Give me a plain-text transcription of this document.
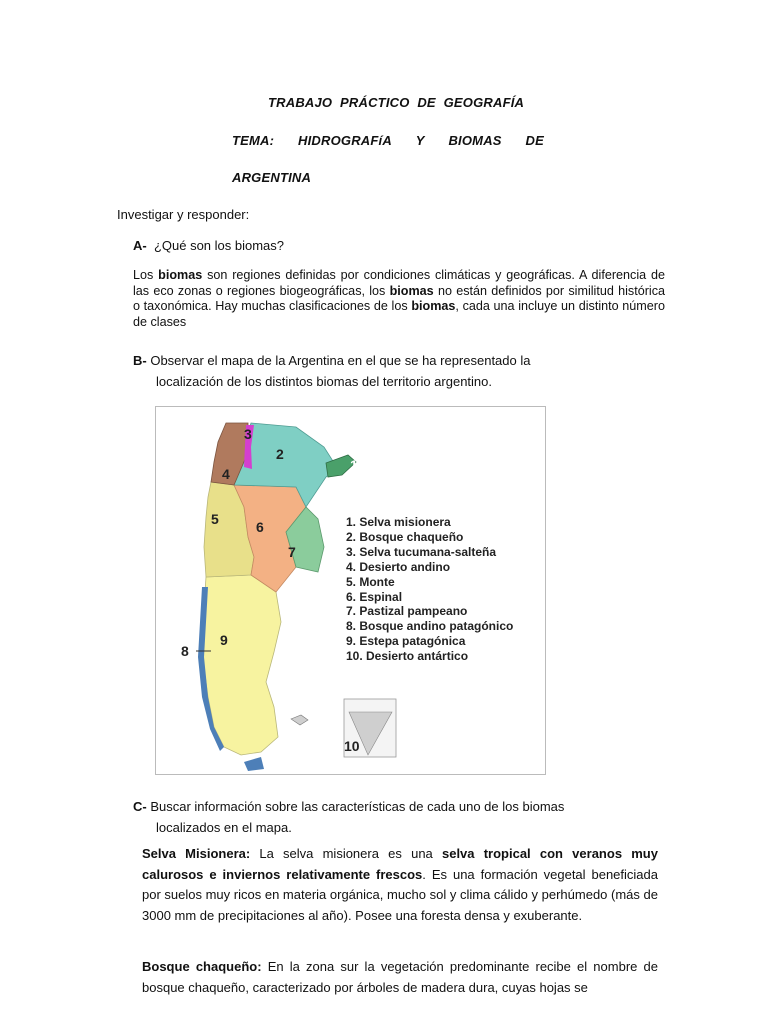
TRABAJO PRÁCTICO DE GEOGRAFÍA
TEMA: HIDROGRAFíA Y BIOMAS DE
ARGENTINA
Investigar y responder:
A- ¿Qué son los biomas?
Los biomas son regiones definidas por condiciones climáticas y geográficas. A diferencia de las eco zonas o regiones biogeográficas, los biomas no están definidos por similitud histórica o taxonómica. Hay muchas clasificaciones de los biomas, cada una incluye un distinto número de clases
B- Observar el mapa de la Argentina en el que se ha representado la
localización de los distintos biomas del territorio argentino.
3
2
4
1
5	6
7
9
8
10
1. Selva misionera
2. Bosque chaqueño
3. Selva tucumana-salteña
4. Desierto andino
5. Monte
6. Espinal
7. Pastizal pampeano
8. Bosque andino patagónico
9. Estepa patagónica
10. Desierto antártico
C- Buscar información sobre las características de cada uno de los biomas
localizados en el mapa.
Selva Misionera: La selva misionera es una selva tropical con veranos muy calurosos e inviernos relativamente frescos. Es una formación vegetal beneficiada por suelos muy ricos en materia orgánica, mucho sol y clima cálido y perhúmedo (más de 3000 mm de precipitaciones al año). Posee una foresta densa y exuberante.
Bosque chaqueño: En la zona sur la vegetación predominante recibe el nombre de bosque chaqueño, caracterizado por árboles de madera dura, cuyas hojas se
